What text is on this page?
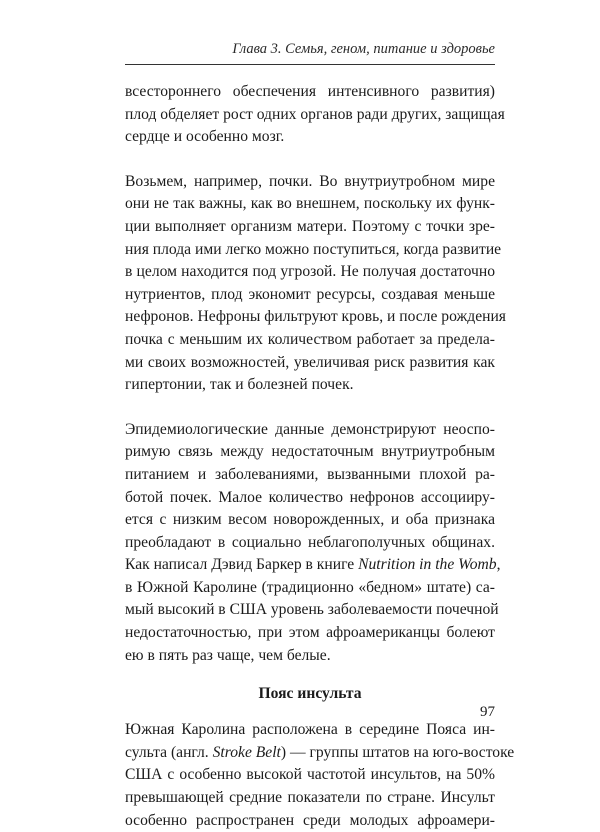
Глава 3. Семья, геном, питание и здоровье

всестороннего обеспечения интенсивного развития)
плод обделяет рост одних органов ради других, защищая
сердце и особенно мозг.

Возьмем, например, почки. Во внутриутробном мире
они не так важны, как во внешнем, поскольку их функ-
ции выполняет организм матери. Поэтому с точки зре-
ния плода ими легко можно поступиться, когда развитие
в целом находится под угрозой. Не получая достаточно
нутриентов, плод экономит ресурсы, создавая меньше
нефронов. Нефроны фильтруют кровь, и после рождения
почка с меньшим их количеством работает за предела-
ми своих возможностей, увеличивая риск развития как
гипертонии, так и болезней почек.

Эпидемиологические данные демонстрируют неоспо-
римую связь между недостаточным внутриутробным
питанием и заболеваниями, вызванными плохой ра-
ботой почек. Малое количество нефронов ассоцииру-
ется с низким весом новорожденных, и оба признака
преобладают в социально неблагополучных общинах.
Как написал Дэвид Баркер в книге Nutrition in the Womb,
в Южной Каролине (традиционно «бедном» штате) са-
мый высокий в США уровень заболеваемости почечной
недостаточностью, при этом афроамериканцы болеют
ею в пять раз чаще, чем белые.

Пояс инсульта

Южная Каролина расположена в середине Пояса ин-
сульта (англ. Stroke Belt) — группы штатов на юго-востоке
США с особенно высокой частотой инсультов, на 50%
превышающей средние показатели по стране. Инсульт
особенно распространен среди молодых афроамери-

97
